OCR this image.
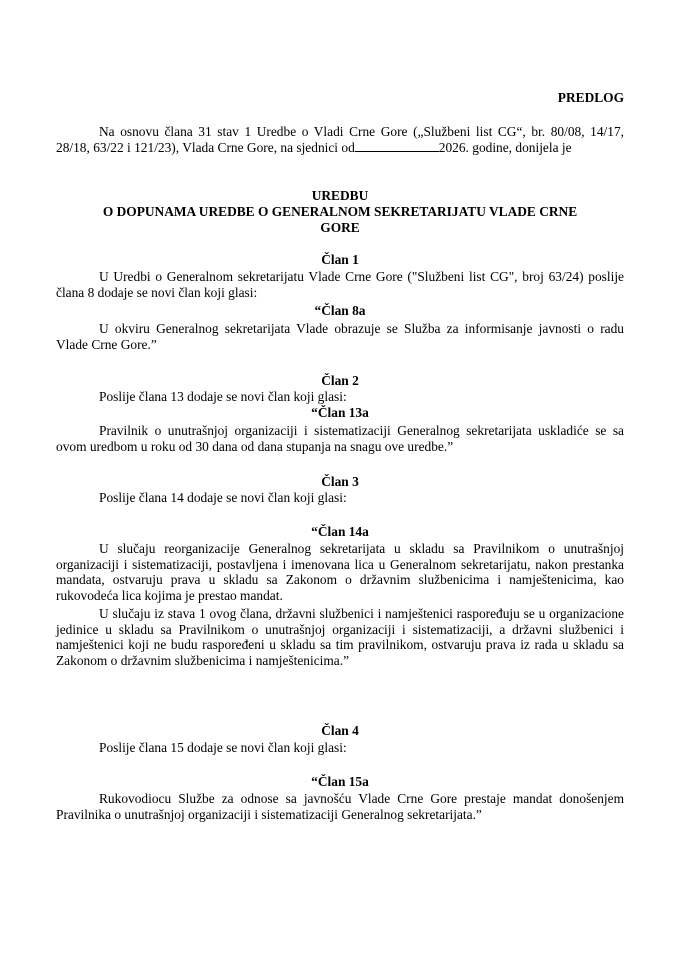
PREDLOG

Na osnovu člana 31 stav 1 Uredbe o Vladi Crne Gore („Službeni list CG“, br. 80/08, 14/17, 28/18, 63/22 i 121/23), Vlada Crne Gore, na sjednici od	2026. godine, donijela je

UREDBU

O DOPUNAMA UREDBE O GENERALNOM SEKRETARIJATU VLADE CRNE GORE

Član 1

U Uredbi o Generalnom sekretarijatu Vlade Crne Gore ("Službeni list CG", broj 63/24) poslije člana 8 dodaje se novi član koji glasi:

“Član 8a

U okviru Generalnog sekretarijata Vlade obrazuje se Služba za informisanje javnosti o radu Vlade Crne Gore.”

Član 2

Poslije člana 13 dodaje se novi član koji glasi:

“Član 13a

Pravilnik o unutrašnjoj organizaciji i sistematizaciji Generalnog sekretarijata uskladiće se sa ovom uredbom u roku od 30 dana od dana stupanja na snagu ove uredbe.”

Član 3

Poslije člana 14 dodaje se novi član koji glasi:

“Član 14a

U slučaju reorganizacije Generalnog sekretarijata u skladu sa Pravilnikom o unutrašnjoj organizaciji i sistematizaciji, postavljena i imenovana lica u Generalnom sekretarijatu, nakon prestanka mandata, ostvaruju prava u skladu sa Zakonom o državnim službenicima i namještenicima, kao rukovodeća lica kojima je prestao mandat.

U slučaju iz stava 1 ovog člana, državni službenici i namještenici raspoređuju se u organizacione jedinice u skladu sa Pravilnikom o unutrašnjoj organizaciji i sistematizaciji, a državni službenici i namještenici koji ne budu raspoređeni u skladu sa tim pravilnikom, ostvaruju prava iz rada u skladu sa Zakonom o državnim službenicima i namještenicima.”

Član 4

Poslije člana 15 dodaje se novi član koji glasi:

“Član 15a

Rukovodiocu Službe za odnose sa javnošću Vlade Crne Gore prestaje mandat donošenjem Pravilnika o unutrašnjoj organizaciji i sistematizaciji Generalnog sekretarijata.”
